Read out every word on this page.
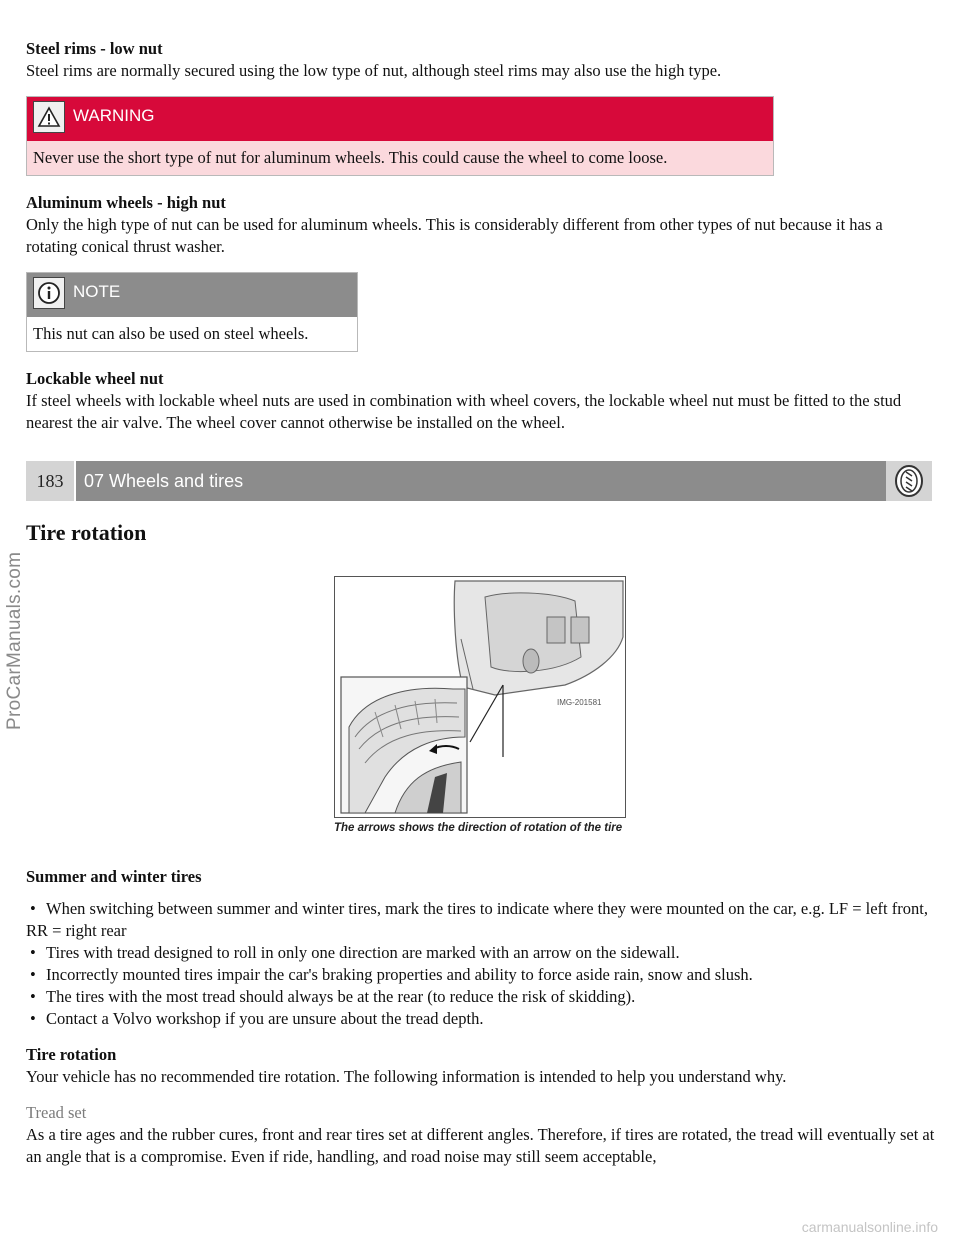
Steel rims - low nut

Steel rims are normally secured using the low type of nut, although steel rims may also use the high type.

WARNING
Never use the short type of nut for aluminum wheels. This could cause the wheel to come loose.

Aluminum wheels - high nut

Only the high type of nut can be used for aluminum wheels. This is considerably different from other types of nut because it has a rotating conical thrust washer.

NOTE
This nut can also be used on steel wheels.

Lockable wheel nut

If steel wheels with lockable wheel nuts are used in combination with wheel covers, the lockable wheel nut must be fitted to the stud nearest the air valve. The wheel cover cannot otherwise be installed on the wheel.

183	07 Wheels and tires
ProCarManuals.com
Tire rotation
IMG-201581
The arrows shows the direction of rotation of the tire

Summer and winter tires

• When switching between summer and winter tires, mark the tires to indicate where they were mounted on the car, e.g. LF = left front, RR = right rear
• Tires with tread designed to roll in only one direction are marked with an arrow on the sidewall.
• Incorrectly mounted tires impair the car's braking properties and ability to force aside rain, snow and slush.
• The tires with the most tread should always be at the rear (to reduce the risk of skidding).
• Contact a Volvo workshop if you are unsure about the tread depth.

Tire rotation

Your vehicle has no recommended tire rotation. The following information is intended to help you understand why.

Tread set

As a tire ages and the rubber cures, front and rear tires set at different angles. Therefore, if tires are rotated, the tread will eventually set at an angle that is a compromise. Even if ride, handling, and road noise may still seem acceptable,

carmanualsonline.info
